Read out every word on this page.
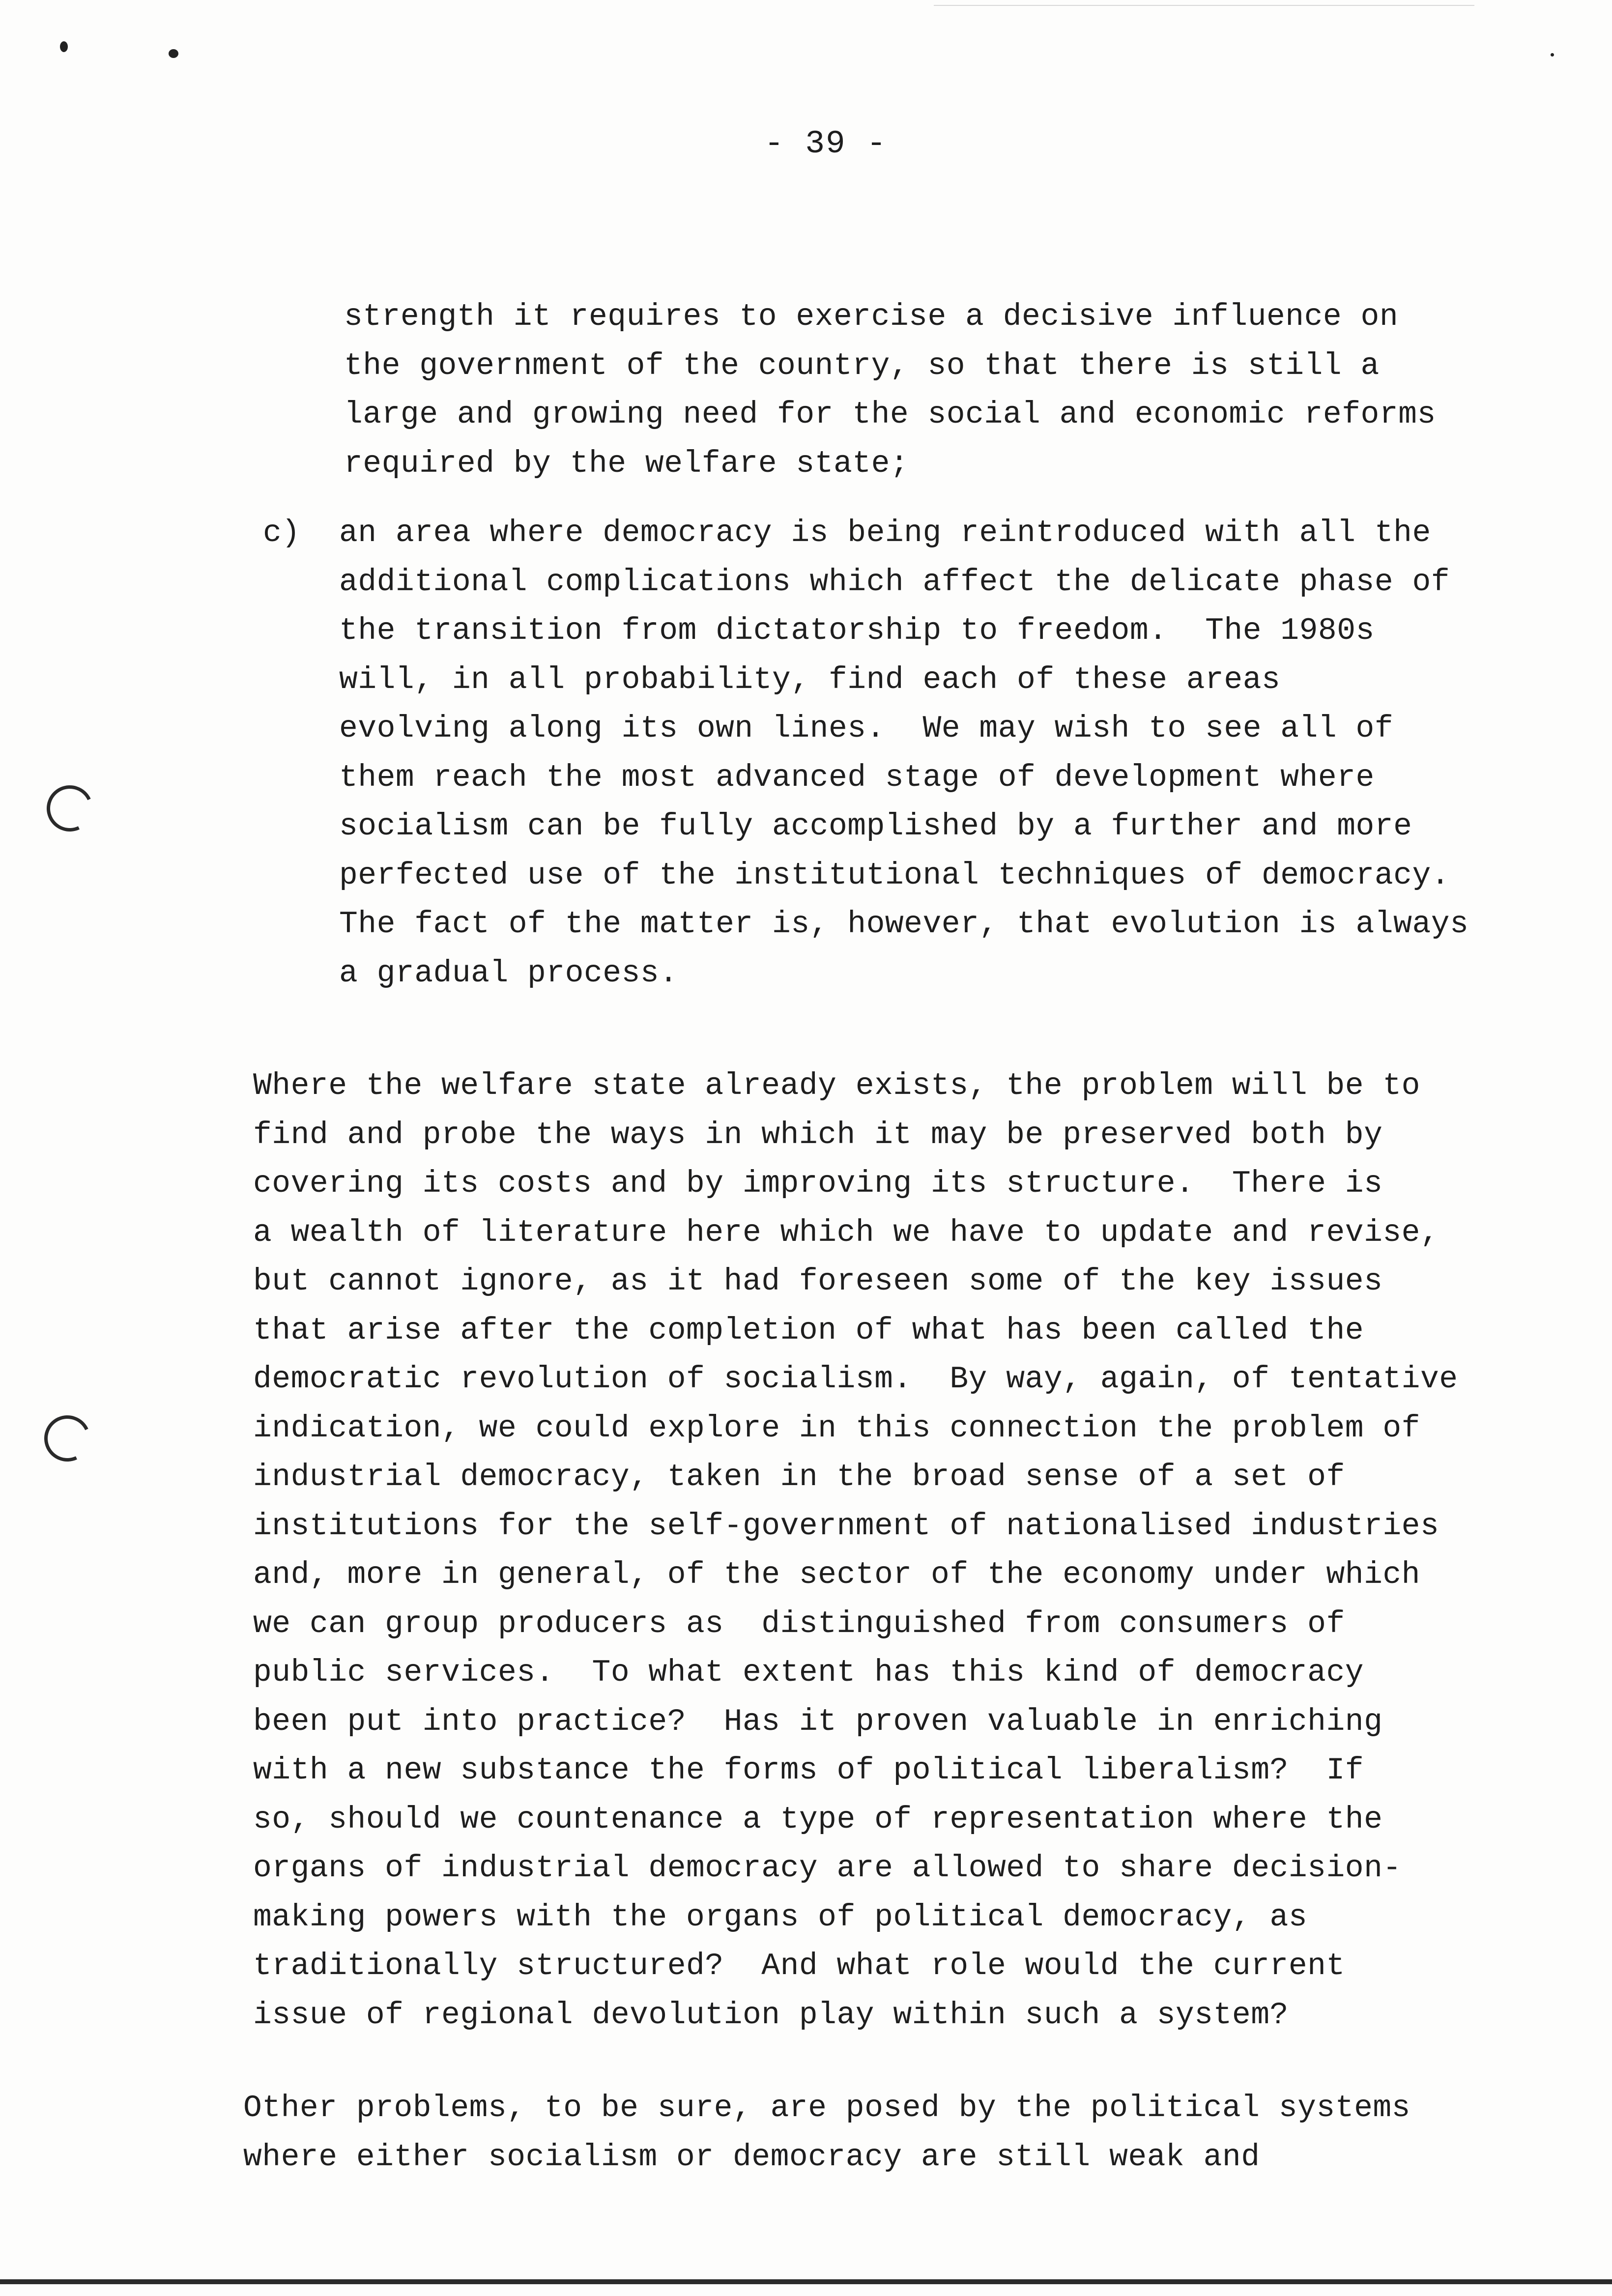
- 39 -
strength it requires to exercise a decisive influence on
the government of the country, so that there is still a
large and growing need for the social and economic reforms
required by the welfare state;
c) an area where democracy is being reintroduced with all the
additional complications which affect the delicate phase of
the transition from dictatorship to freedom.  The 1980s
will, in all probability, find each of these areas
evolving along its own lines.  We may wish to see all of
them reach the most advanced stage of development where
socialism can be fully accomplished by a further and more
perfected use of the institutional techniques of democracy.
The fact of the matter is, however, that evolution is always
a gradual process.
Where the welfare state already exists, the problem will be to
find and probe the ways in which it may be preserved both by
covering its costs and by improving its structure.  There is
a wealth of literature here which we have to update and revise,
but cannot ignore, as it had foreseen some of the key issues
that arise after the completion of what has been called the
democratic revolution of socialism.  By way, again, of tentative
indication, we could explore in this connection the problem of
industrial democracy, taken in the broad sense of a set of
institutions for the self-government of nationalised industries
and, more in general, of the sector of the economy under which
we can group producers as  distinguished from consumers of
public services.  To what extent has this kind of democracy
been put into practice?  Has it proven valuable in enriching
with a new substance the forms of political liberalism?  If
so, should we countenance a type of representation where the
organs of industrial democracy are allowed to share decision-
making powers with the organs of political democracy, as
traditionally structured?  And what role would the current
issue of regional devolution play within such a system?
Other problems, to be sure, are posed by the political systems
where either socialism or democracy are still weak and
